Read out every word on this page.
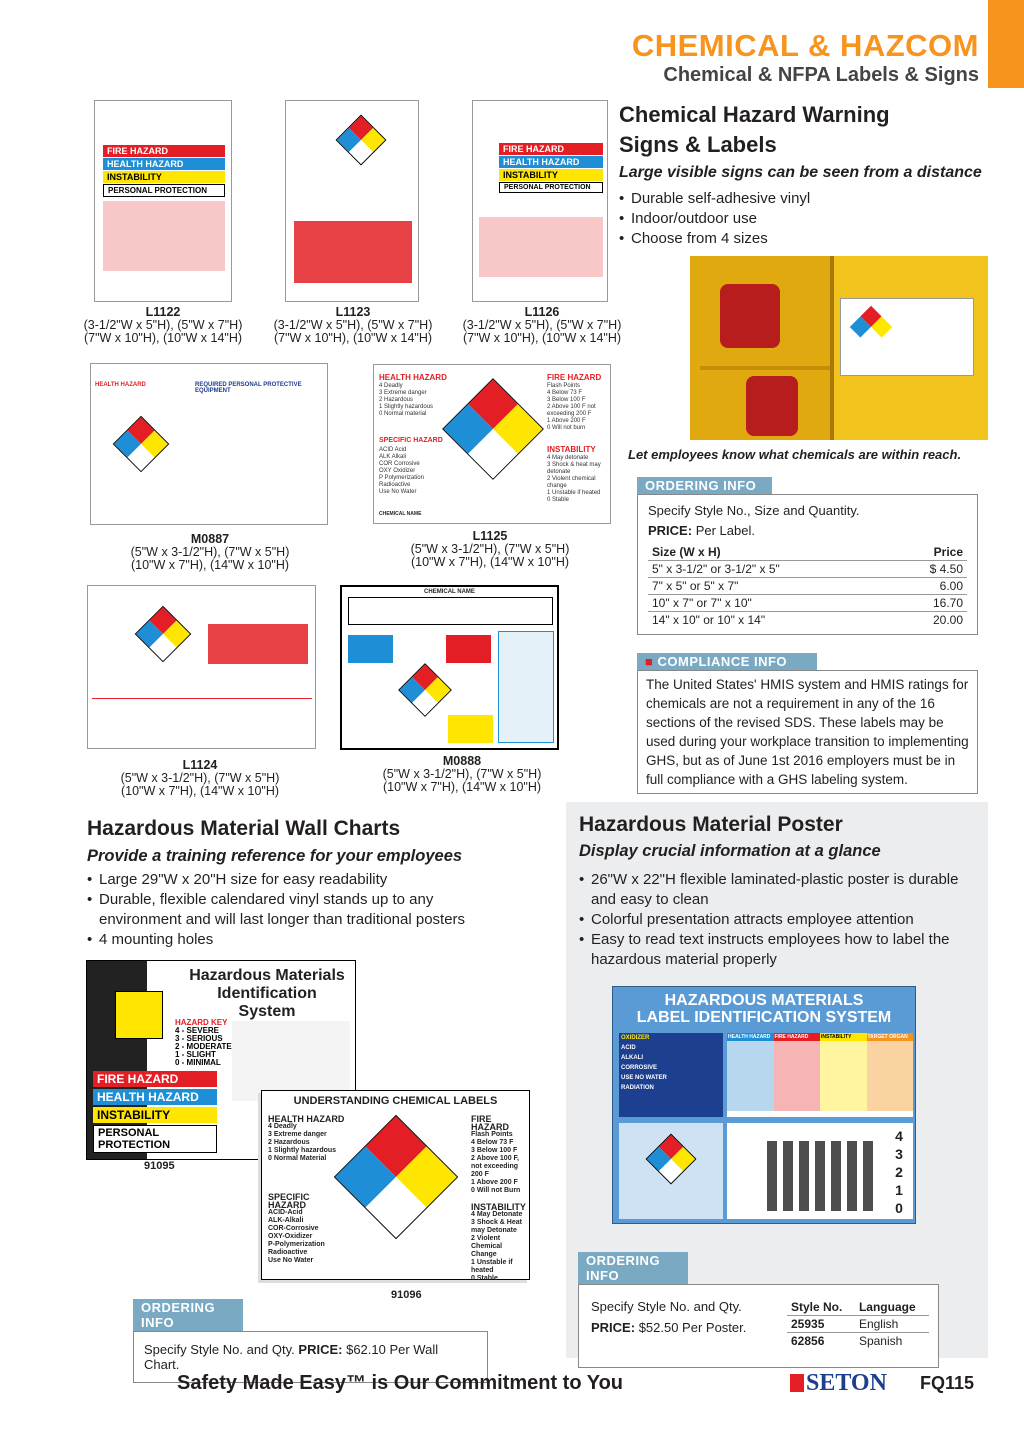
CHEMICAL & HAZCOM
Chemical & NFPA Labels & Signs
FIRE HAZARD
HEALTH HAZARD
INSTABILITY
PERSONAL PROTECTION
FIRE HAZARD
HEALTH HAZARD
INSTABILITY
PERSONAL PROTECTION
L1122
(3-1/2"W x 5"H), (5"W x 7"H)
(7"W x 10"H), (10"W x 14"H)
L1123
(3-1/2"W x 5"H), (5"W x 7"H)
(7"W x 10"H), (10"W x 14"H)
L1126
(3-1/2"W x 5"H), (5"W x 7"H)
(7"W x 10"H), (10"W x 14"H)
Chemical Hazard Warning
Signs & Labels
Large visible signs can be seen from a distance
• Durable self-adhesive vinyl
• Indoor/outdoor use
• Choose from 4 sizes
Let employees know what chemicals are within reach.
ORDERING INFO
Specify Style No., Size and Quantity.
PRICE: Per Label.
Size (W x H)	Price
5" x 3-1/2" or 3-1/2" x 5"	$ 4.50
7" x 5" or 5" x 7"	6.00
10" x 7" or 7" x 10"	16.70
14" x 10" or 10" x 14"	20.00
■ COMPLIANCE INFO
The United States' HMIS system and HMIS ratings for chemicals are not a requirement in any of the 16 sections of the revised SDS. These labels may be used during your workplace transition to implementing GHS, but as of June 1st 2016 employers must be in full compliance with a GHS labeling system.
HEALTH HAZARD	REQUIRED PERSONAL PROTECTIVE EQUIPMENT
M0887
(5"W x 3-1/2"H), (7"W x 5"H)
(10"W x 7"H), (14"W x 10"H)
HEALTH HAZARD
4 Deadly
3 Extreme danger
2 Hazardous
1 Slightly hazardous
0 Normal material
SPECIFIC HAZARD
ACID Acid
ALK Alkali
COR Corrosive
OXY Oxidizer
P Polymerization
Radioactive
Use No Water
CHEMICAL NAME
FIRE HAZARD
Flash Points
4 Below 73 F
3 Below 100 F
2 Above 100 F not exceeding 200 F
1 Above 200 F
0 Will not burn
INSTABILITY
4 May detonate
3 Shock & heat may detonate
2 Violent chemical change
1 Unstable if heated
0 Stable
L1125
(5"W x 3-1/2"H), (7"W x 5"H)
(10"W x 7"H), (14"W x 10"H)
L1124
(5"W x 3-1/2"H), (7"W x 5"H)
(10"W x 7"H), (14"W x 10"H)
CHEMICAL NAME
M0888
(5"W x 3-1/2"H), (7"W x 5"H)
(10"W x 7"H), (14"W x 10"H)
Hazardous Material Wall Charts
Provide a training reference for your employees
• Large 29"W x 20"H size for easy readability
• Durable, flexible calendared vinyl stands up to any environment and will last longer than traditional posters
• 4 mounting holes
Hazardous Materials
Identification System
HAZARD KEY
4 - SEVERE
3 - SERIOUS
2 - MODERATE
1 - SLIGHT
0 - MINIMAL
FIRE HAZARD
HEALTH HAZARD
INSTABILITY
PERSONAL PROTECTION
91095
UNDERSTANDING CHEMICAL LABELS
HEALTH HAZARD
4 Deadly
3 Extreme danger
2 Hazardous
1 Slightly hazardous
0 Normal Material
SPECIFIC HAZARD
ACID-Acid
ALK-Alkali
COR-Corrosive
OXY-Oxidizer
P-Polymerization
Radioactive
Use No Water
FIRE HAZARD
Flash Points
4 Below 73 F
3 Below 100 F
2 Above 100 F, not exceeding 200 F
1 Above 200 F
0 Will not Burn
INSTABILITY
4 May Detonate
3 Shock & Heat may Detonate
2 Violent Chemical Change
1 Unstable if heated
0 Stable
91096
ORDERING INFO
Specify Style No. and Qty. PRICE: $62.10 Per Wall Chart.
Hazardous Material Poster
Display crucial information at a glance
• 26"W x 22"H flexible laminated-plastic poster is durable and easy to clean
• Colorful presentation attracts employee attention
• Easy to read text instructs employees how to label the hazardous material properly
HAZARDOUS MATERIALS
LABEL IDENTIFICATION SYSTEM
OXIDIZER
ACID
ALKALI
CORROSIVE
USE NO WATER
RADIATION
HEALTH HAZARD FIRE HAZARD	INSTABILITY	TARGET ORGAN
4
3
2
1
0
ORDERING INFO
Specify Style No. and Qty.
PRICE: $52.50 Per Poster.
Style No.	Language
25935	English
62856	Spanish
Safety Made Easy™ is Our Commitment to You	SETON FQ115
